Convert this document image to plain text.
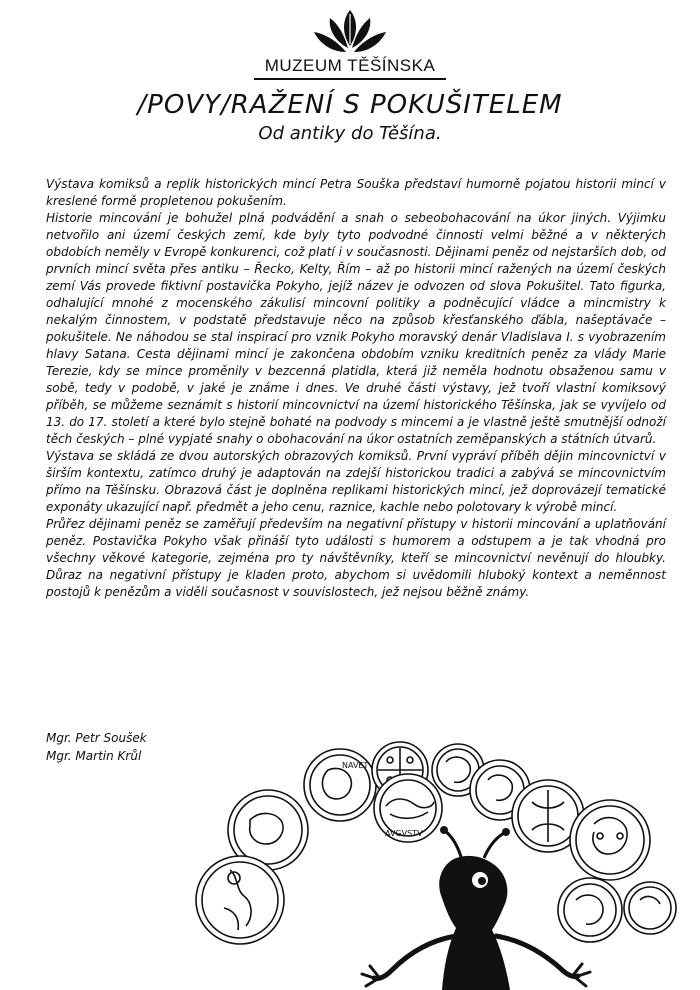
MUZEUM TĚŠÍNSKA
/POVY/RAŽENÍ S POKUŠITELEM
Od antiky do Těšína.

Výstava komiksů a replik historických mincí Petra Souška představí humorně pojatou historii mincí v kreslené formě propletenou pokušením.

Historie mincování je bohužel plná podvádění a snah o sebeobohacování na úkor jiných. Výjimku netvořilo ani území českých zemí, kde byly tyto podvodné činnosti velmi běžné a v některých obdobích neměly v Evropě konkurenci, což platí i v současnosti. Dějinami peněz od nejstarších dob, od prvních mincí světa přes antiku – Řecko, Kelty, Řím – až po historii mincí ražených na území českých zemí Vás provede fiktivní postavička Pokyho, jejíž název je odvozen od slova Pokušitel. Tato figurka, odhalující mnohé z mocenského zákulisí mincovní politiky a podněcující vládce a mincmistry k nekalým činnostem, v podstatě představuje něco na způsob křesťanského ďábla, našeptávače – pokušitele. Ne náhodou se stal inspirací pro vznik Pokyho moravský denár Vladislava I. s vyobrazením hlavy Satana. Cesta dějinami mincí je zakončena obdobím vzniku kreditních peněz za vlády Marie Terezie, kdy se mince proměnily v bezcenná platidla, která již neměla hodnotu obsaženou samu v sobě, tedy v podobě, v jaké je známe i dnes. Ve druhé části výstavy, jež tvoří vlastní komiksový příběh, se můžeme seznámit s historií mincovnictví na území historického Těšínska, jak se vyvíjelo od 13. do 17. století a které bylo stejně bohaté na podvody s mincemi a je vlastně ještě smutnější odnoží těch českých – plné vypjaté snahy o obohacování na úkor ostatních zeměpanských a státních útvarů.

Výstava se skládá ze dvou autorských obrazových komiksů. První vypráví příběh dějin mincovnictví v širším kontextu, zatímco druhý je adaptován na zdejší historickou tradici a zabývá se mincovnictvím přímo na Těšínsku. Obrazová část je doplněna replikami historických mincí, jež doprovázejí tematické exponáty ukazující např. předmět a jeho cenu, raznice, kachle nebo polotovary k výrobě mincí.

Průřez dějinami peněz se zaměřují především na negativní přístupy v historii mincování a uplatňování peněz. Postavička Pokyho však přináší tyto události s humorem a odstupem a je tak vhodná pro všechny věkové kategorie, zejména pro ty návštěvníky, kteří se mincovnictví nevěnují do hloubky. Důraz na negativní přístupy je kladen proto, abychom si uvědomili hluboký kontext a neměnnost postojů k penězům a viděli současnost v souvislostech, jež nejsou běžně známy.

Mgr. Petr Soušek
Mgr. Martin Krůl
NAVET
AVGVSTV
